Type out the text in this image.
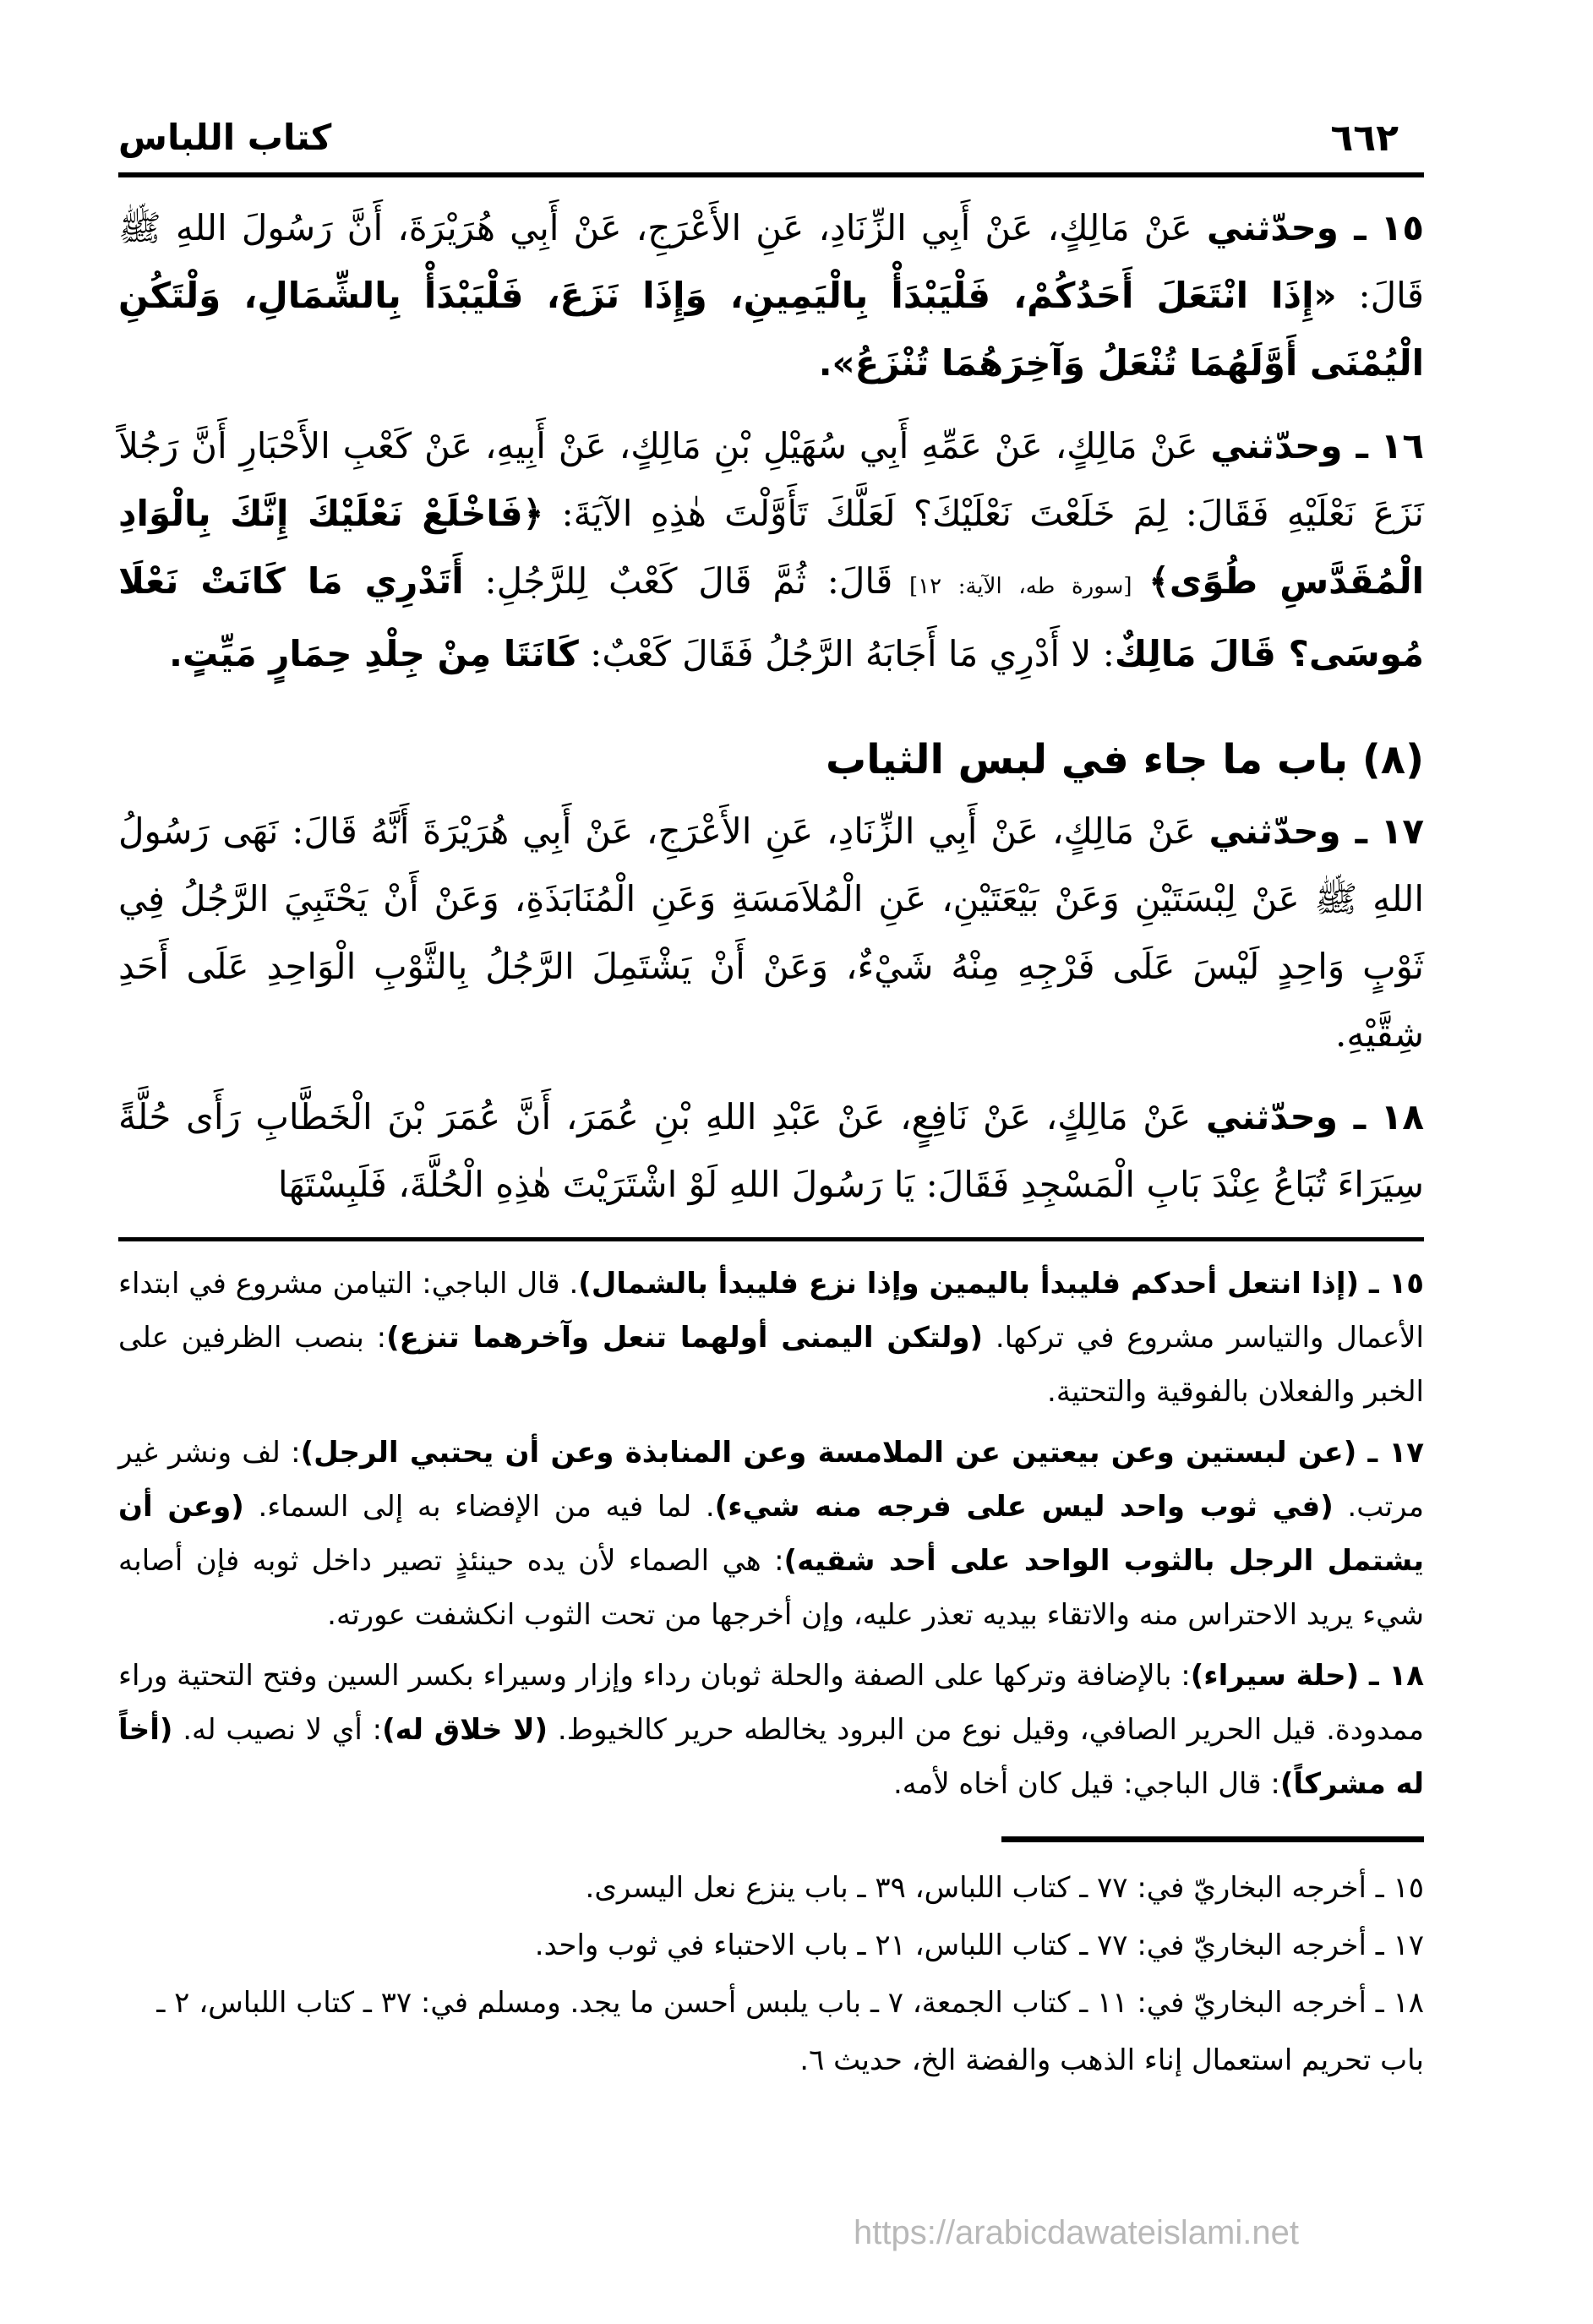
٦٦٢
كتاب اللباس

١٥ ـ وحدّثني عَنْ مَالِكٍ، عَنْ أَبِي الزِّنَادِ، عَنِ الأَعْرَجِ، عَنْ أَبِي هُرَيْرَةَ، أَنَّ رَسُولَ اللهِ ﷺ قَالَ: «إِذَا انْتَعَلَ أَحَدُكُمْ، فَلْيَبْدَأْ بِالْيَمِينِ، وَإِذَا نَزَعَ، فَلْيَبْدَأْ بِالشِّمَالِ، وَلْتَكُنِ الْيُمْنَى أَوَّلَهُمَا تُنْعَلُ وَآخِرَهُمَا تُنْزَعُ».

١٦ ـ وحدّثني عَنْ مَالِكٍ، عَنْ عَمِّهِ أَبِي سُهَيْلِ بْنِ مَالِكٍ، عَنْ أَبِيهِ، عَنْ كَعْبِ الأَحْبَارِ أَنَّ رَجُلاً نَزَعَ نَعْلَيْهِ فَقَالَ: لِمَ خَلَعْتَ نَعْلَيْكَ؟ لَعَلَّكَ تَأَوَّلْتَ هٰذِهِ الآيَةَ: ﴿فَاخْلَعْ نَعْلَيْكَ إِنَّكَ بِالْوَادِ الْمُقَدَّسِ طُوًى﴾ [سورة طه، الآية: ١٢] قَالَ: ثُمَّ قَالَ كَعْبٌ لِلرَّجُلِ: أَتَدْرِي مَا كَانَتْ نَعْلَا مُوسَى؟ قَالَ مَالِكٌ: لا أَدْرِي مَا أَجَابَهُ الرَّجُلُ فَقَالَ كَعْبٌ: كَانَتَا مِنْ جِلْدِ حِمَارٍ مَيِّتٍ.

(٨) باب ما جاء في لبس الثياب

١٧ ـ وحدّثني عَنْ مَالِكٍ، عَنْ أَبِي الزِّنَادِ، عَنِ الأَعْرَجِ، عَنْ أَبِي هُرَيْرَةَ أَنَّهُ قَالَ: نَهَى رَسُولُ اللهِ ﷺ عَنْ لِبْسَتَيْنِ وَعَنْ بَيْعَتَيْنِ، عَنِ الْمُلاَمَسَةِ وَعَنِ الْمُنَابَذَةِ، وَعَنْ أَنْ يَحْتَبِيَ الرَّجُلُ فِي ثَوْبٍ وَاحِدٍ لَيْسَ عَلَى فَرْجِهِ مِنْهُ شَيْءٌ، وَعَنْ أَنْ يَشْتَمِلَ الرَّجُلُ بِالثَّوْبِ الْوَاحِدِ عَلَى أَحَدِ شِقَّيْهِ.

١٨ ـ وحدّثني عَنْ مَالِكٍ، عَنْ نَافِعٍ، عَنْ عَبْدِ اللهِ بْنِ عُمَرَ، أَنَّ عُمَرَ بْنَ الْخَطَّابِ رَأَى حُلَّةً سِيَرَاءَ تُبَاعُ عِنْدَ بَابِ الْمَسْجِدِ فَقَالَ: يَا رَسُولَ اللهِ لَوْ اشْتَرَيْتَ هٰذِهِ الْحُلَّةَ، فَلَبِسْتَهَا

١٥ ـ (إذا انتعل أحدكم فليبدأ باليمين وإذا نزع فليبدأ بالشمال). قال الباجي: التيامن مشروع في ابتداء الأعمال والتياسر مشروع في تركها. (ولتكن اليمنى أولهما تنعل وآخرهما تنزع): بنصب الظرفين على الخبر والفعلان بالفوقية والتحتية.

١٧ ـ (عن لبستين وعن بيعتين عن الملامسة وعن المنابذة وعن أن يحتبي الرجل): لف ونشر غير مرتب. (في ثوب واحد ليس على فرجه منه شيء). لما فيه من الإفضاء به إلى السماء. (وعن أن يشتمل الرجل بالثوب الواحد على أحد شقيه): هي الصماء لأن يده حينئذٍ تصير داخل ثوبه فإن أصابه شيء يريد الاحتراس منه والاتقاء بيديه تعذر عليه، وإن أخرجها من تحت الثوب انكشفت عورته.

١٨ ـ (حلة سيراء): بالإضافة وتركها على الصفة والحلة ثوبان رداء وإزار وسيراء بكسر السين وفتح التحتية وراء ممدودة. قيل الحرير الصافي، وقيل نوع من البرود يخالطه حرير كالخيوط. (لا خلاق له): أي لا نصيب له. (أخاً له مشركاً): قال الباجي: قيل كان أخاه لأمه.

١٥ ـ أخرجه البخاريّ في: ٧٧ ـ كتاب اللباس، ٣٩ ـ باب ينزع نعل اليسرى.

١٧ ـ أخرجه البخاريّ في: ٧٧ ـ كتاب اللباس، ٢١ ـ باب الاحتباء في ثوب واحد.

١٨ ـ أخرجه البخاريّ في: ١١ ـ كتاب الجمعة، ٧ ـ باب يلبس أحسن ما يجد. ومسلم في: ٣٧ ـ كتاب اللباس، ٢ ـ باب تحريم استعمال إناء الذهب والفضة الخ، حديث ٦.

https://arabicdawateislami.net
